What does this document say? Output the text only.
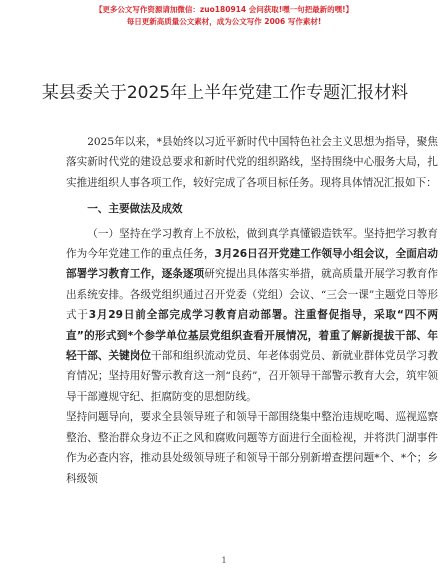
【更多公文写作资源请加微信：zuo180914 会问获取!嘿一句把最新的嘿!】
每日更新高质量公文素材，成为公文写作 2006 写作素材!
某县委关于2025年上半年党建工作专题汇报材料

2025年以来，*县始终以习近平新时代中国特色社会主义思想为指导，聚焦落实新时代党的建设总要求和新时代党的组织路线，坚持围绕中心服务大局，扎实推进组织人事各项工作，较好完成了各项目标任务。现将具体情况汇报如下：

一、主要做法及成效

（一）坚持在学习教育上不放松，做到真学真懂锻造铁军。坚持把学习教育作为今年党建工作的重点任务，3月26日召开党建工作领导小组会议，全面启动部署学习教育工作，逐条逐项研究提出具体落实举措，就高质量开展学习教育作出系统安排。各级党组织通过召开党委（党组）会议、“三会一课”主题党日等形式于3月29日前全部完成学习教育启动部署。注重督促指导，采取“四不两直”的形式到*个参学单位基层党组织查看开展情况，着重了解新提拔干部、年轻干部、关键岗位干部和组织流动党员、年老体弱党员、新就业群体党员学习教育情况；坚持用好警示教育这一剂“良药”，召开领导干部警示教育大会，筑牢领导干部遵规守纪、拒腐防变的思想防线。

坚持问题导向，要求全县领导班子和领导干部围绕集中整治违规吃喝、巡视巡察整治、整治群众身边不正之风和腐败问题等方面进行全面检视，并将洪门湖事件作为必查内容，推动县处级领导班子和领导干部分别新增查摆问题*个、*个；乡科级领

1
